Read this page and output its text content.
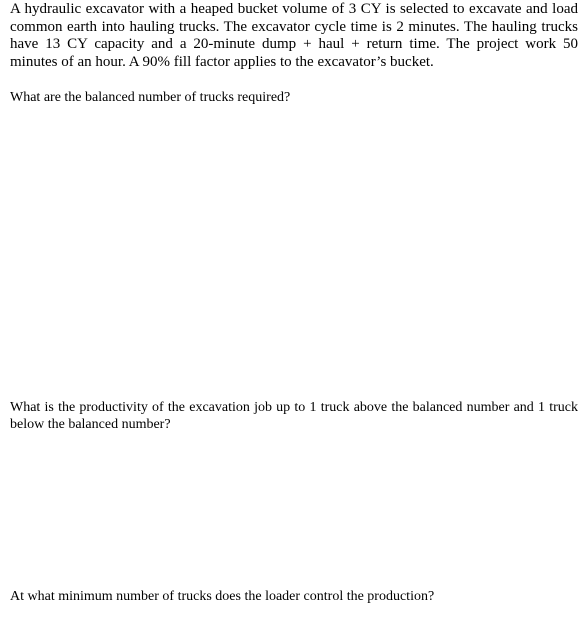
A hydraulic excavator with a heaped bucket volume of 3 CY is selected to excavate and load common earth into hauling trucks. The excavator cycle time is 2 minutes. The hauling trucks have 13 CY capacity and a 20-minute dump + haul + return time. The project work 50 minutes of an hour. A 90% fill factor applies to the excavator’s bucket.

What are the balanced number of trucks required?

What is the productivity of the excavation job up to 1 truck above the balanced number and 1 truck below the balanced number?

At what minimum number of trucks does the loader control the production?
